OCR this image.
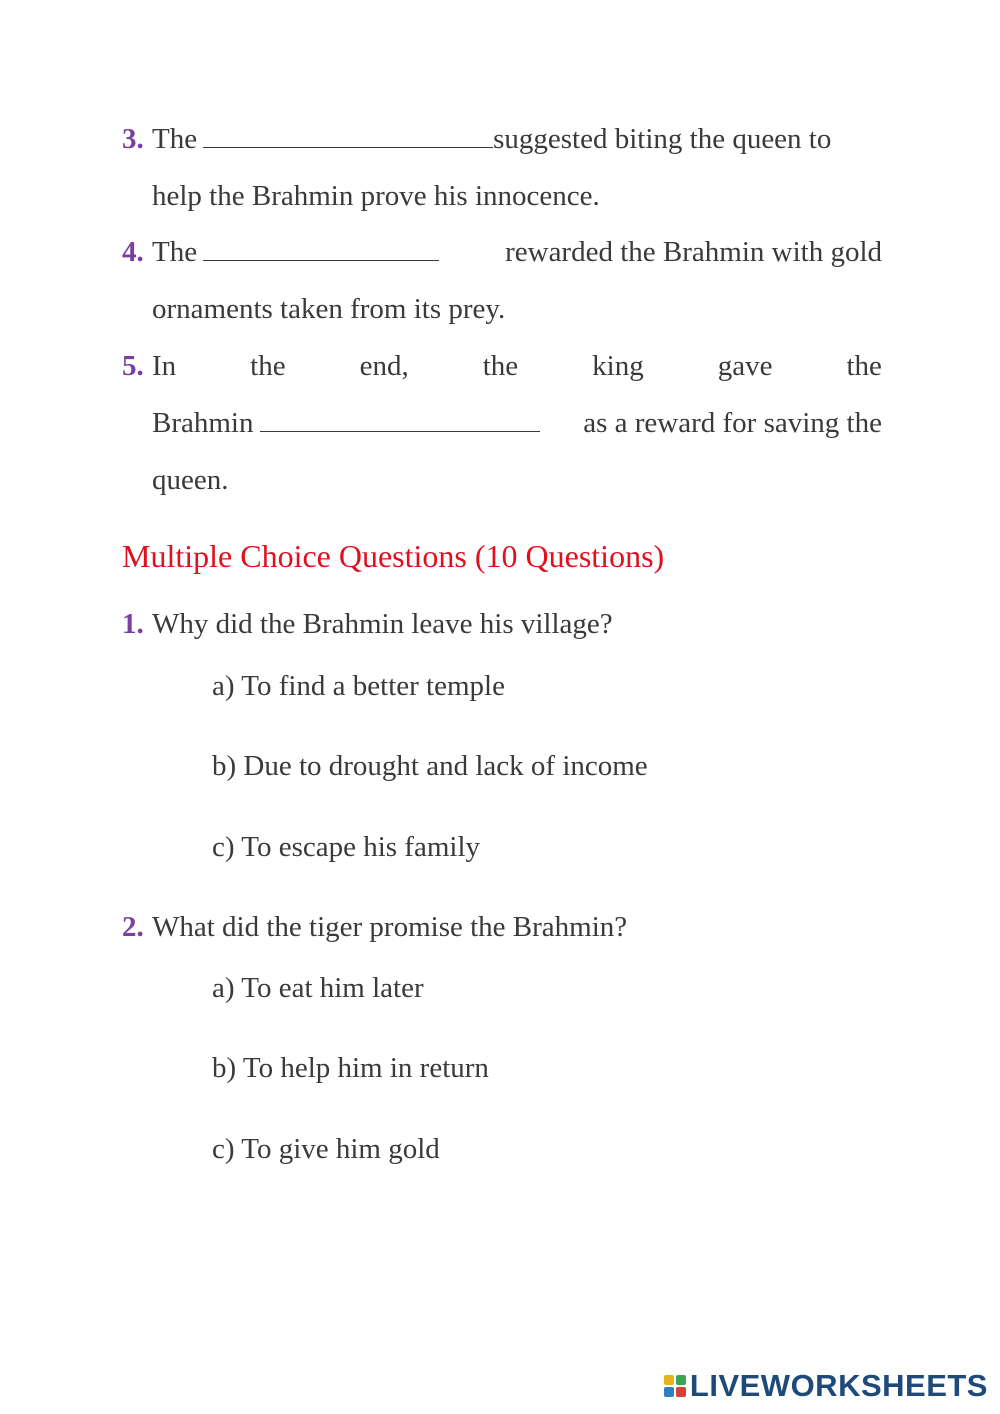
3. The	suggested biting the queen to
help the Brahmin prove his innocence.
4. The	rewarded the Brahmin with gold
ornaments taken from its prey.
5. In	the	end,	the	king	gave	the
Brahmin	as a reward for saving the
queen.
Multiple Choice Questions (10 Questions)
1. Why did the Brahmin leave his village?
a) To find a better temple
b) Due to drought and lack of income
c) To escape his family
2. What did the tiger promise the Brahmin?
a) To eat him later
b) To help him in return
c) To give him gold
LIVEWORKSHEETS
